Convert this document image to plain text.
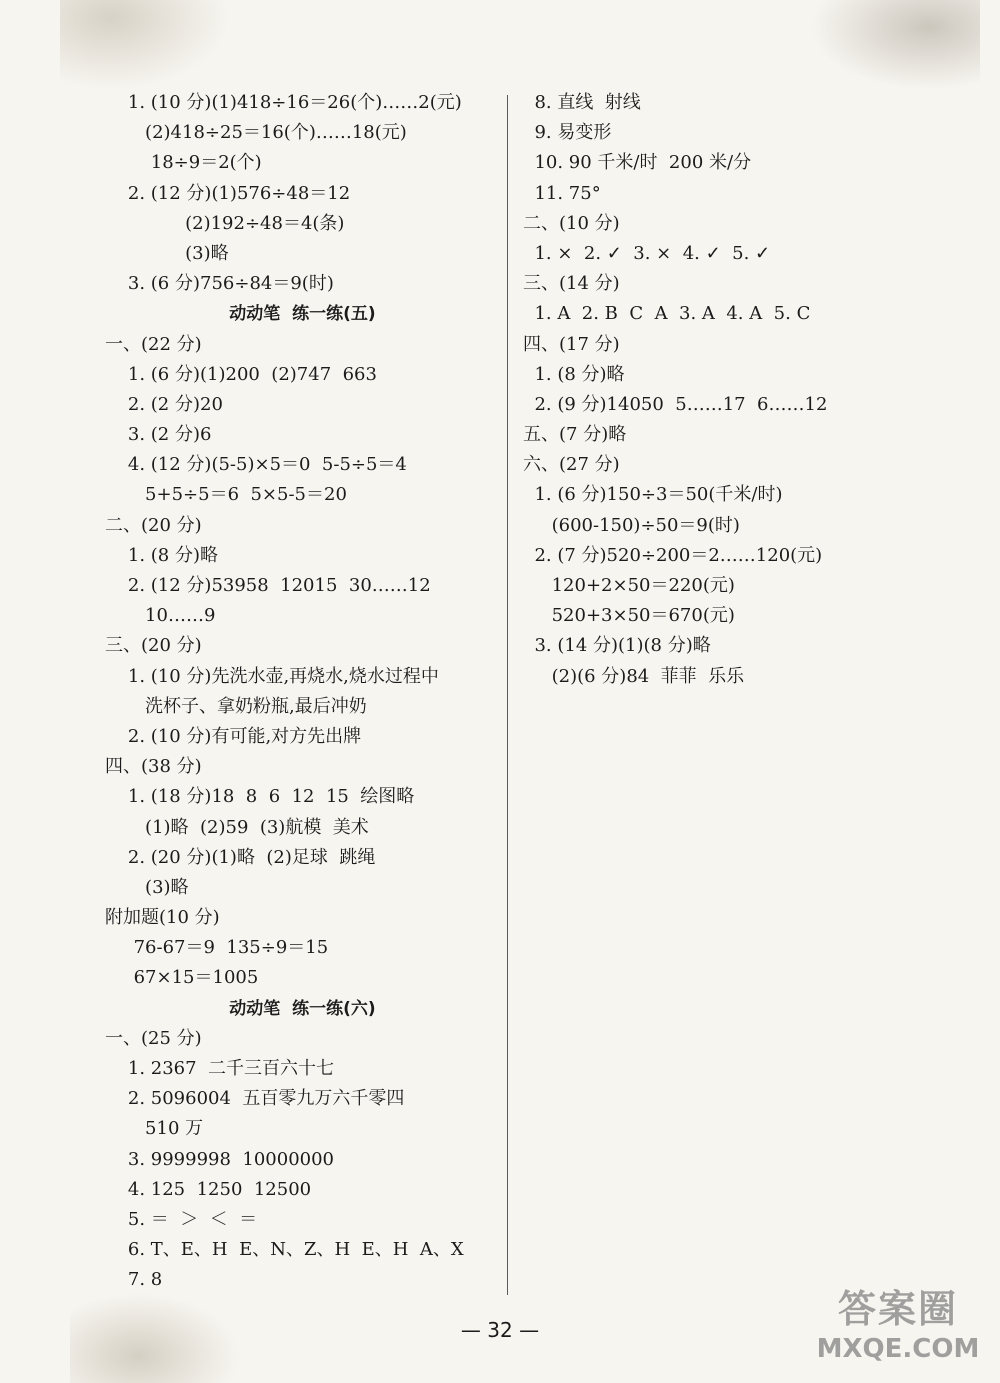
1. (10 分)(1)418÷16＝26(个)……2(元)
(2)418÷25＝16(个)……18(元)
18÷9＝2(个)
2. (12 分)(1)576÷48＝12
(2)192÷48＝4(条)
(3)略
3. (6 分)756÷84＝9(时)
动动笔  练一练(五)
一、(22 分)
1. (6 分)(1)200  (2)747  663
2. (2 分)20
3. (2 分)6
4. (12 分)(5-5)×5＝0  5-5÷5＝4
5+5÷5＝6  5×5-5＝20
二、(20 分)
1. (8 分)略
2. (12 分)53958  12015  30……12
10……9
三、(20 分)
1. (10 分)先洗水壶,再烧水,烧水过程中
洗杯子、拿奶粉瓶,最后冲奶
2. (10 分)有可能,对方先出牌
四、(38 分)
1. (18 分)18  8  6  12  15  绘图略
(1)略  (2)59  (3)航模  美术
2. (20 分)(1)略  (2)足球  跳绳
(3)略
附加题(10 分)
76-67＝9  135÷9＝15
67×15＝1005
动动笔  练一练(六)
一、(25 分)
1. 2367  二千三百六十七
2. 5096004  五百零九万六千零四
510 万
3. 9999998  10000000
4. 125  1250  12500
5. ＝  ＞  ＜  ＝
6. T、E、H  E、N、Z、H  E、H  A、X
7. 8
8. 直线  射线
9. 易变形
10. 90 千米/时  200 米/分
11. 75°
二、(10 分)
1. ×  2. ✓  3. ×  4. ✓  5. ✓
三、(14 分)
1. A  2. B  C  A  3. A  4. A  5. C
四、(17 分)
1. (8 分)略
2. (9 分)14050  5……17  6……12
五、(7 分)略
六、(27 分)
1. (6 分)150÷3＝50(千米/时)
(600-150)÷50＝9(时)
2. (7 分)520÷200＝2……120(元)
120+2×50＝220(元)
520+3×50＝670(元)
3. (14 分)(1)(8 分)略
(2)(6 分)84  菲菲  乐乐
— 32 —	答案圈
MXQE.COM
